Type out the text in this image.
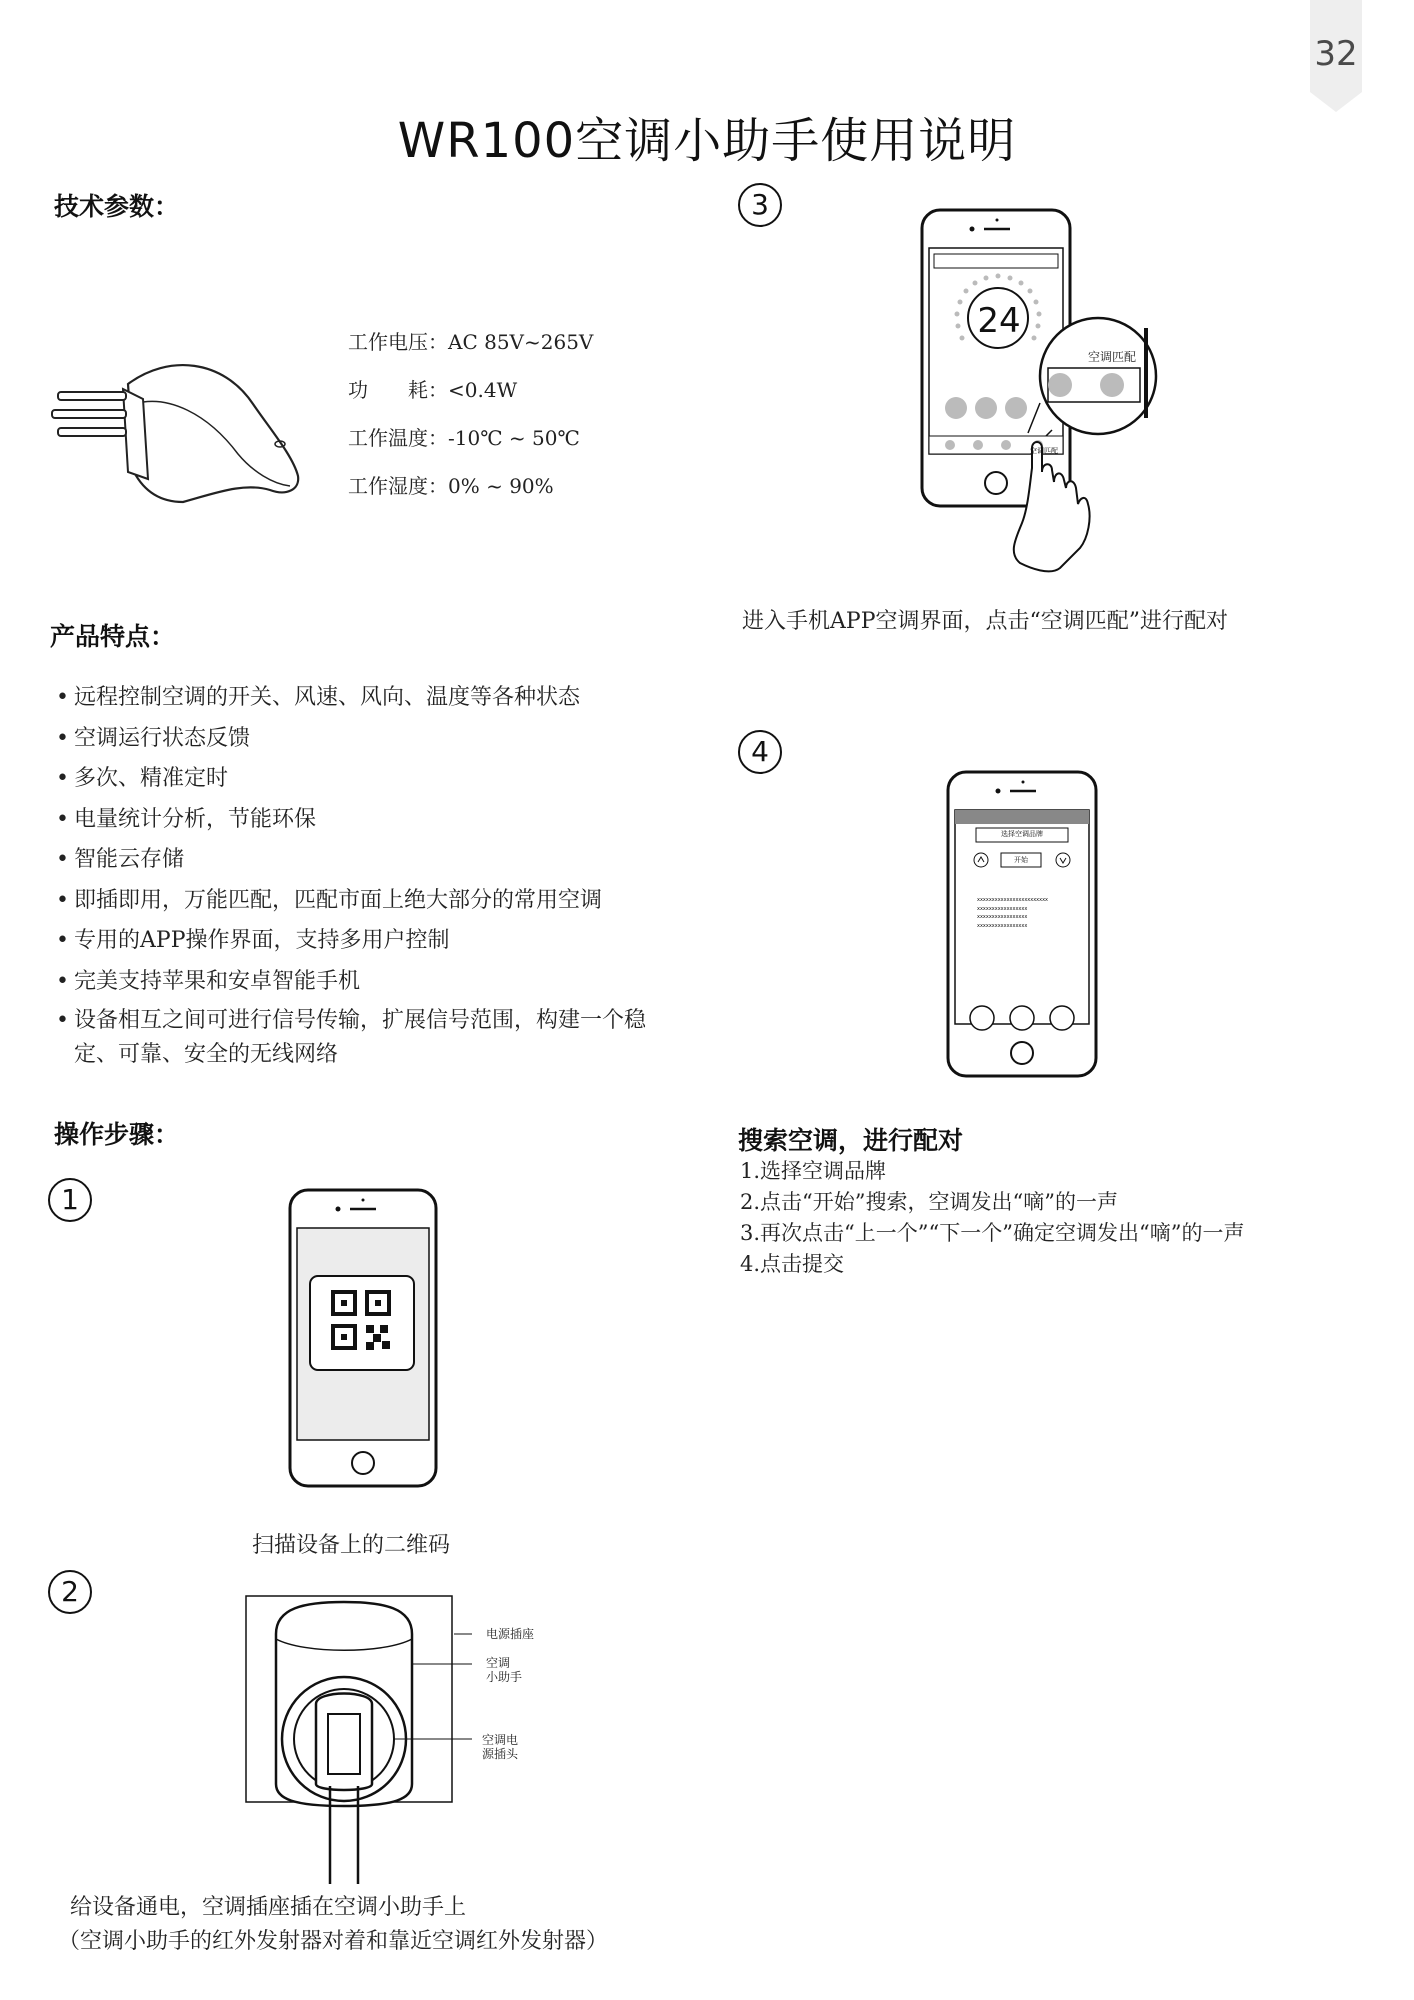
32
WR100空调小助手使用说明
技术参数：
工作电压：AC 85V~265V
功　　耗：<0.4W
工作温度：-10℃ ~ 50℃
工作湿度：0% ~ 90%
产品特点：
• 远程控制空调的开关、风速、风向、温度等各种状态
• 空调运行状态反馈
• 多次、精准定时
• 电量统计分析，节能环保
• 智能云存储
• 即插即用，万能匹配，匹配市面上绝大部分的常用空调
• 专用的APP操作界面，支持多用户控制
• 完美支持苹果和安卓智能手机
• 设备相互之间可进行信号传输，扩展信号范围，构建一个稳定、可靠、安全的无线网络
操作步骤：
1
扫描设备上的二维码
2
电源插座
空调
小助手
空调电
源插头
给设备通电，空调插座插在空调小助手上
（空调小助手的红外发射器对着和靠近空调红外发射器）
3
24
空调匹配
空调匹配
进入手机APP空调界面，点击“空调匹配”进行配对
4
选择空调品牌
开始
xxxxxxxxxxxxxxxxxxxxxxxx
xxxxxxxxxxxxxxxxx
xxxxxxxxxxxxxxxxx
xxxxxxxxxxxxxxxxx
搜索空调，进行配对
1.选择空调品牌
2.点击“开始”搜索，空调发出“嘀”的一声
3.再次点击“上一个”“下一个”确定空调发出“嘀”的一声
4.点击提交
